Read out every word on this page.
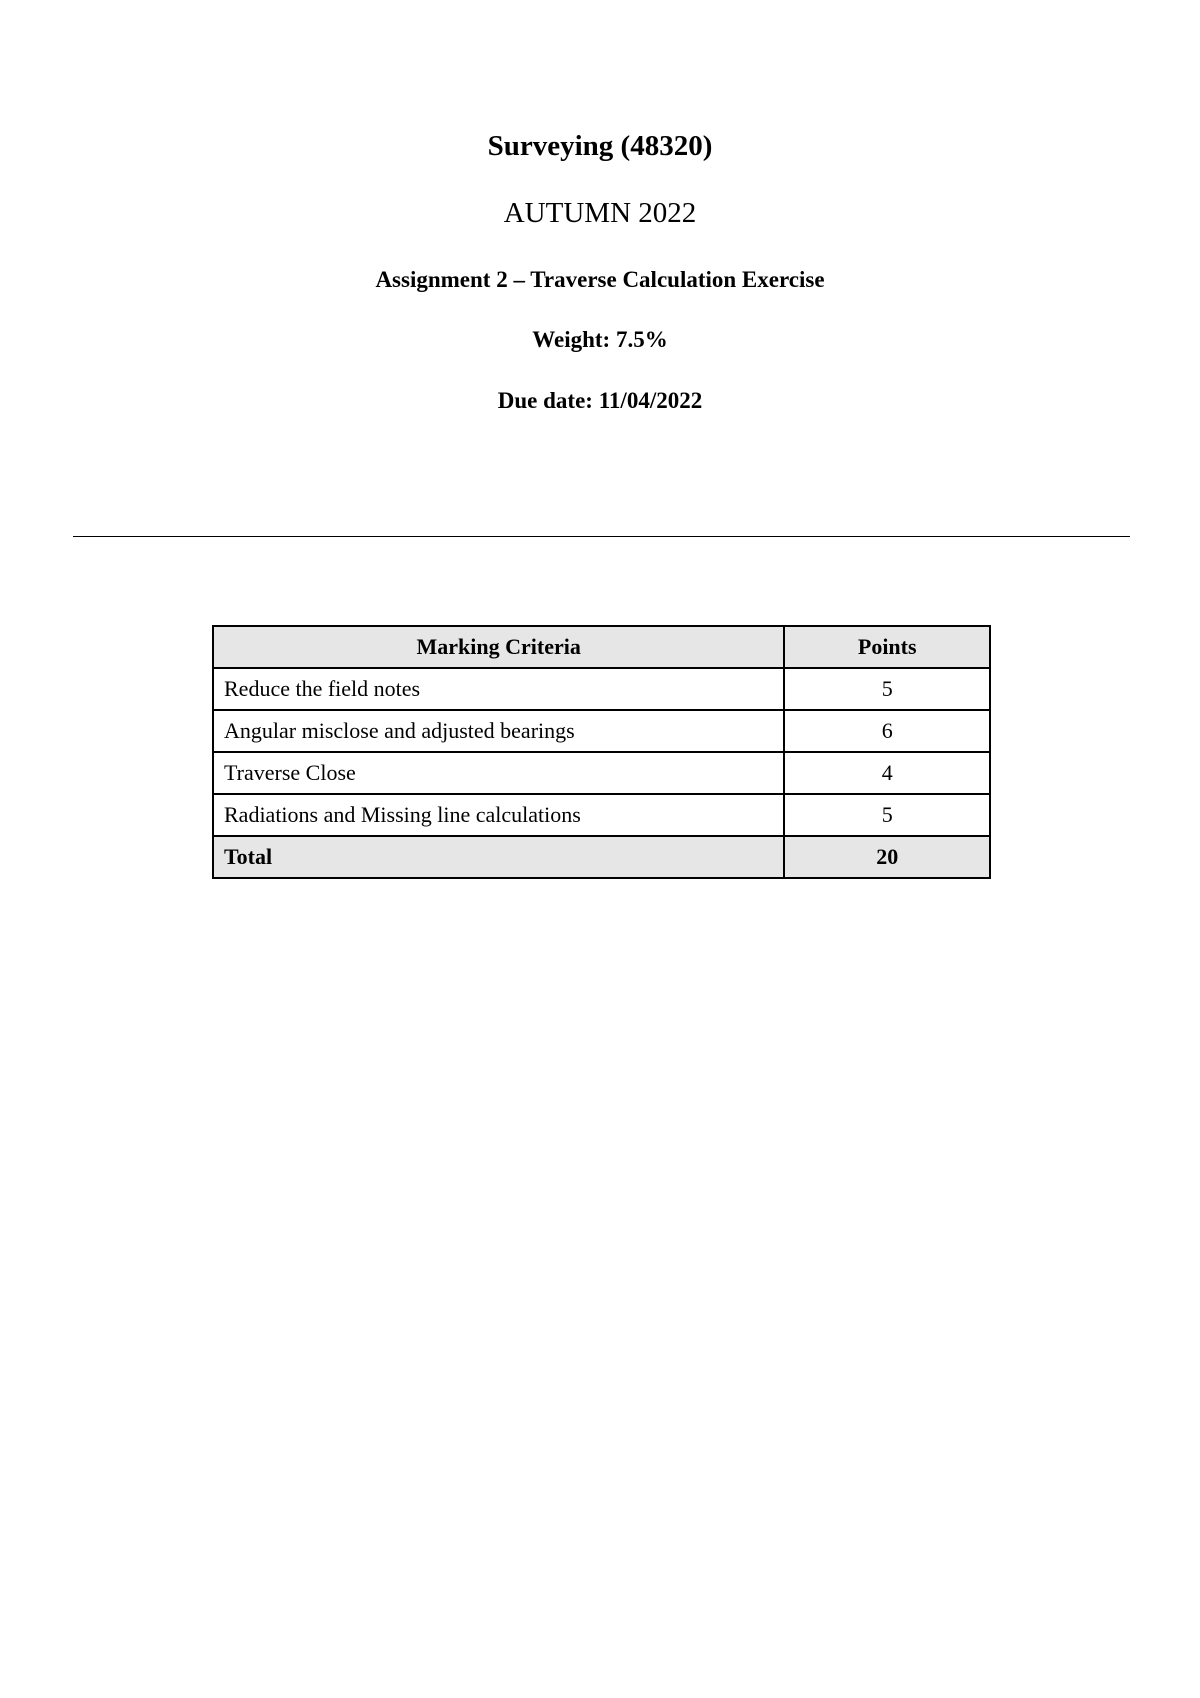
Surveying (48320)
AUTUMN 2022
Assignment 2 – Traverse Calculation Exercise
Weight: 7.5%
Due date: 11/04/2022
Marking Criteria	Points
Reduce the field notes	5
Angular misclose and adjusted bearings	6
Traverse Close	4
Radiations and Missing line calculations	5
Total	20
